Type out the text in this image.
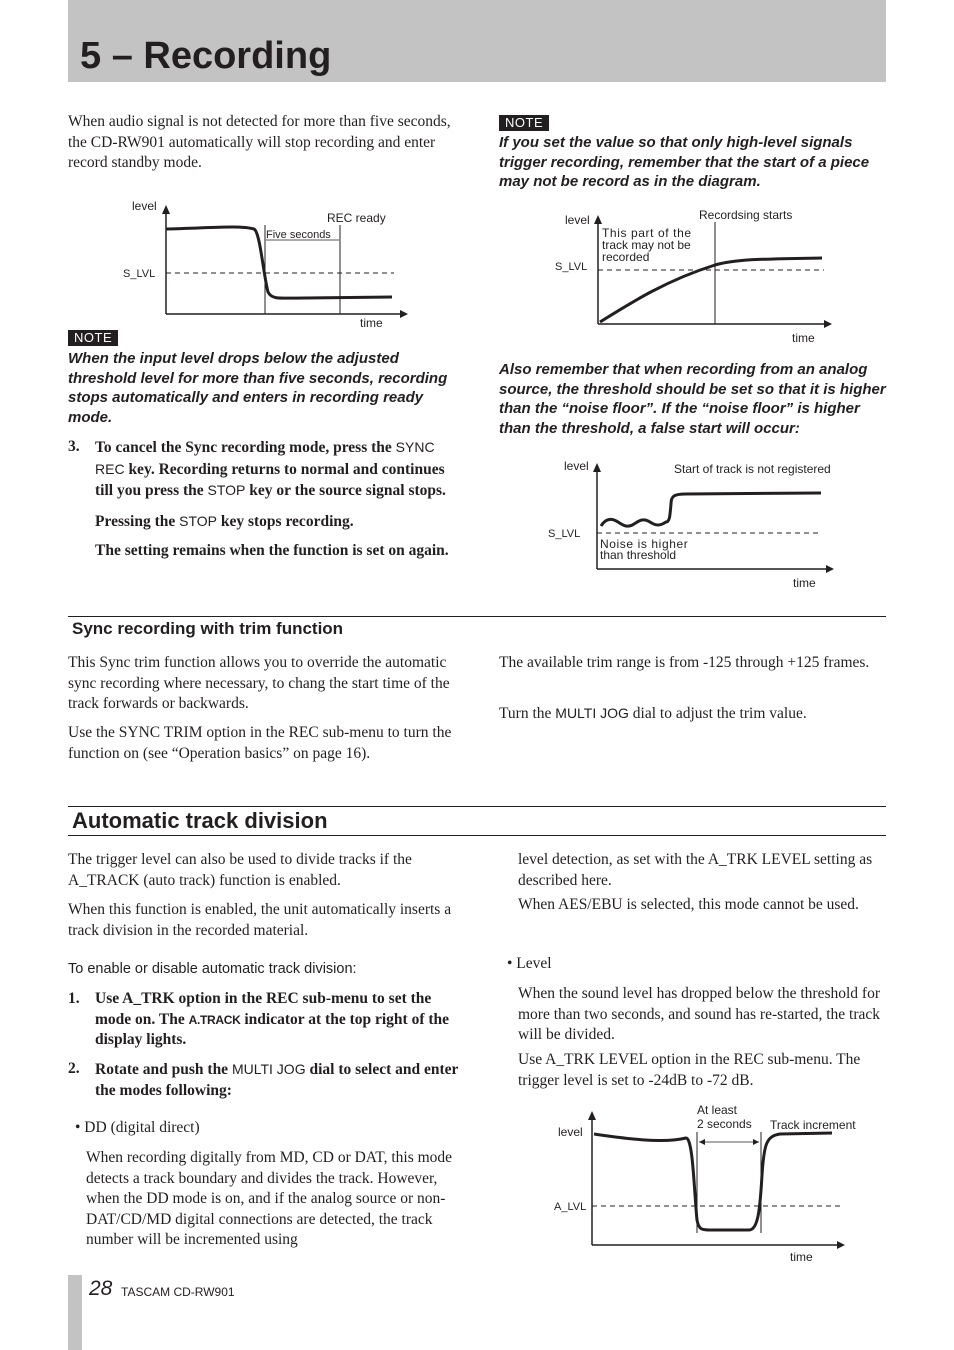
5 – Recording

When audio signal is not detected for more than five seconds, the CD-RW901 automatically will stop recording and enter record standby mode.

level
REC ready
Five seconds
S_LVL
time
NOTE

When the input level drops below the adjusted threshold level for more than five seconds, recording stops automatically and enters in recording ready mode.

3. To cancel the Sync recording mode, press the SYNC REC key. Recording returns to normal and continues till you press the STOP key or the source signal stops.

Pressing the STOP key stops recording.

The setting remains when the function is set on again.

NOTE

If you set the value so that only high-level signals trigger recording, remember that the start of a piece may not be record as in the diagram.

level	Recordsing starts
This part of the
track may not be
recorded
S_LVL
time

Also remember that when recording from an analog source, the threshold should be set so that it is higher than the “noise floor”. If the “noise floor” is higher than the threshold, a false start will occur:

level	Start of track is not registered
S_LVL
Noise is higher
than threshold
time
Sync recording with trim function

This Sync trim function allows you to override the automatic sync recording where necessary, to chang the start time of the track forwards or backwards.

Use the SYNC TRIM option in the REC sub-menu to turn the function on (see “Operation basics” on page 16).

The available trim range is from -125 through +125 frames.

Turn the MULTI JOG dial to adjust the trim value.

Automatic track division

The trigger level can also be used to divide tracks if the A_TRACK (auto track) function is enabled.

When this function is enabled, the unit automatically inserts a track division in the recorded material.

To enable or disable automatic track division:
1. Use A_TRK option in the REC sub-menu to set the mode on. The A.TRACK indicator at the top right of the display lights.

2. Rotate and push the MULTI JOG dial to select and enter the modes following:

• DD (digital direct)

When recording digitally from MD, CD or DAT, this mode detects a track boundary and divides the track. However, when the DD mode is on, and if the analog source or non-DAT/CD/MD digital connections are detected, the track number will be incremented using

level detection, as set with the A_TRK LEVEL setting as described here.

When AES/EBU is selected, this mode cannot be used.

• Level

When the sound level has dropped below the threshold for more than two seconds, and sound has re-started, the track will be divided.

Use A_TRK LEVEL option in the REC sub-menu. The trigger level is set to -24dB to -72 dB.

level
At least
2 seconds Track increment
A_LVL
time
28 TASCAM CD-RW901
